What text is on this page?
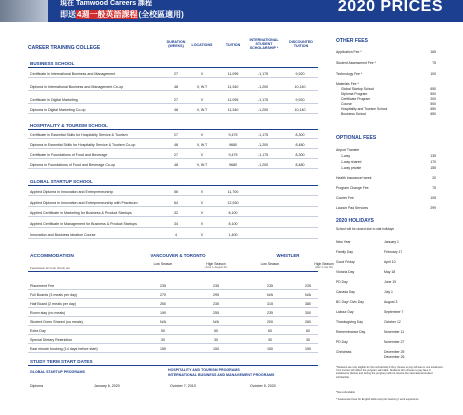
現在 Tamwood Careers 課程
即送4週一般英語課程(全校區適用)	2020 PRICES
CAREER TRAINING COLLEGE
DURATION (WEEKS)	LOCATIONS	TUITION
INTERNATIONAL STUDENT SCHOLARSHIP *
DISCOUNTED TUITION
BUSINESS SCHOOL
Certificate in International Business and Management	27	V	11,095	-1,175	9,920
Diploma in International Business and Management Co-op	48	V, W.T	11,340	-1,200	10,140
Certificate in Digital Marketing	27	V	11,095	-1,175	9,920
Diploma in Digital Marketing Co-op	48	V, W.T	11,340	-1,200	10,140
HOSPITALITY & TOURISM SCHOOL
Certificate in Essential Skills for Hospitality Service & Tourism	27	V	9,475	-1,175	8,300
Diploma in Essential Skills for Hospitality Service & Tourism Co-op	48	V, W.T	9680	-1,200	8,480
Certificate in Foundations of Food and Beverage	27	V	9,475	-1,175	8,300
Diploma in Foundations of Food and Beverage Co-op	48	V, W.T	9680	-1,200	8,480
GLOBAL STARTUP SCHOOL
Applied Diploma in Innovation and Entrepreneurship	56	V	11,700
Applied Diploma in Innovation and Entrepreneurship with Practicum	64	V	12,530
Applied Certificate in Marketing for Business & Product Startups	32	V	8,100
Applied Certificate in Management for Business & Product Startups	34	V	8,100
Innovation and Business Ideation Course	4	V	1,400
ACCOMMODATION
Fees/week 12 noon check out
VANCOUVER & TORONTO	WHISTLER
Low Season	High Season
(June 1–August 31)
Low Season	High Season
(Dec 1–Apr 30)
Placement Fee	235	235	235	235
Full Boards (3 meals per day)	270	295	N/A	N/A
Half Board (2 meals per day)	260	235	315	380
Room stay (no meals)	190	255	235	300
Student Dorm Shared (no meals)	N/A	N/A	200	260
Extra Day	50	50	60	60
Special Dietary Restriction	30	30	30	30
East minute booking (14 days before start)	150	150	150	150
STUDY TERM START DATES
GLOBAL STARTUP PROGRAMS	HOSPITALITY AND TOURISM PROGRAMS
INTERNATIONAL BUSINESS AND MANAGEMENT PROGRAMS
Diploma	January 6, 2020	October 7, 2019	October 5, 2020
OTHER FEES
Application Fee *	165
Student Assessment Fee *	75
Technology Fee *	100
Materials Fee *
Global Startup School	650
Diploma Program	500
Certificate Program	200
Course	500
Hospitality and Tourism School	650
Business School	650
OPTIONAL FEES
Airport Transfer
1-way	135
1-way shared	170
1-way private	155
Health Insurance/ week	20
Program Change Fee	75
Courier Fee	105
Launch Pad Services	299
2020 HOLIDAYS
School will be closed due to stat holidays
New Year	January 1
Family Day	February 17
Good Friday	April 10
Victoria Day	May 18
PD Day	June 19
Canada Day	July 1
BC Day/ Civic Day	August 3
Labour Day	September 7
Thanksgiving Day	October 12
Remembrance Day	November 11
PD Day	November 27
Christmas	December 25
December 26
*Students are only eligible for this scholarship if they choose to pay full fees in one instalment. Your invoice will reflect the program start date. Students who choose to pay fees in instalments (before and during the program) will not receive the international student scholarship.
*Non-refundable
* Assessment fees for English skills and prior learning / work experience
